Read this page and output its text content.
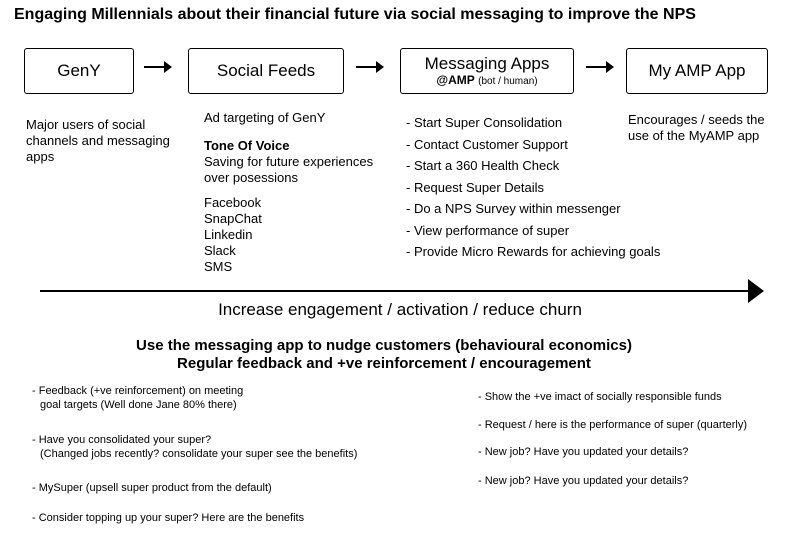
Engaging Millennials about their financial future via social messaging to improve the NPS
GenY	Social Feeds	Messaging Apps
@AMP (bot / human)
My AMP App

Major users of social

channels and messaging

apps

Ad targeting of GenY

Tone Of Voice

Saving for future experiences

over posessions

Facebook

SnapChat

Linkedin

Slack

SMS

- Start Super Consolidation
- Contact Customer Support
- Start a 360 Health Check
- Request Super Details
- Do a NPS Survey within messenger
- View performance of super
- Provide Micro Rewards for achieving goals

Encourages / seeds the

use of the MyAMP app

Increase engagement / activation / reduce churn
Use the messaging app to nudge customers (behavioural economics)
Regular feedback and +ve reinforcement / encouragement

- Feedback (+ve reinforcement) on meeting

goal targets (Well done Jane 80% there)

- Have you consolidated your super?

(Changed jobs recently? consolidate your super see the benefits)

- MySuper (upsell super product from the default)

- Consider topping up your super? Here are the benefits

- Show the +ve imact of socially responsible funds

- Request / here is the performance of super (quarterly)

- New job? Have you updated your details?

- New job? Have you updated your details?
